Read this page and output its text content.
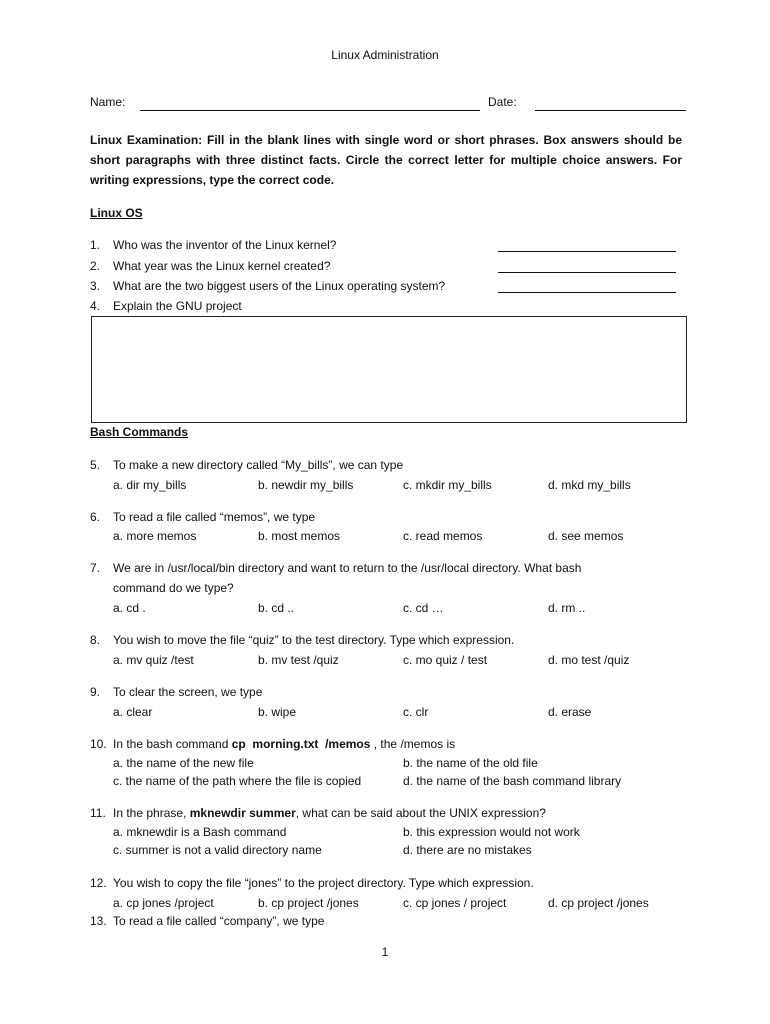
Linux Administration
Name:	Date:
Linux Examination: Fill in the blank lines with single word or short phrases. Box answers should be short paragraphs with three distinct facts. Circle the correct letter for multiple choice answers. For writing expressions, type the correct code.
Linux OS
1. Who was the inventor of the Linux kernel?
2. What year was the Linux kernel created?
3. What are the two biggest users of the Linux operating system?
4. Explain the GNU project
Bash Commands
5. To make a new directory called “My_bills”, we can type
a. dir my_bills	b. newdir my_bills	c. mkdir my_bills	d. mkd my_bills
6. To read a file called “memos”, we type
a. more memos	b. most memos	c. read memos	d. see memos
7. We are in /usr/local/bin directory and want to return to the /usr/local directory. What bash
command do we type?
a. cd .	b. cd ..	c. cd …	d. rm ..
8. You wish to move the file “quiz” to the test directory. Type which expression.
a. mv quiz /test	b. mv test /quiz	c. mo quiz / test	d. mo test /quiz
9. To clear the screen, we type
a. clear	b. wipe	c. clr	d. erase
10. In the bash command cp  morning.txt  /memos , the /memos is
a. the name of the new file	b. the name of the old file
c. the name of the path where the file is copied	d. the name of the bash command library
11. In the phrase, mknewdir summer, what can be said about the UNIX expression?
a. mknewdir is a Bash command	b. this expression would not work
c. summer is not a valid directory name	d. there are no mistakes
12. You wish to copy the file “jones” to the project directory. Type which expression.
a. cp jones /project	b. cp project /jones	c. cp jones / project	d. cp project /jones
13. To read a file called “company”, we type
1
